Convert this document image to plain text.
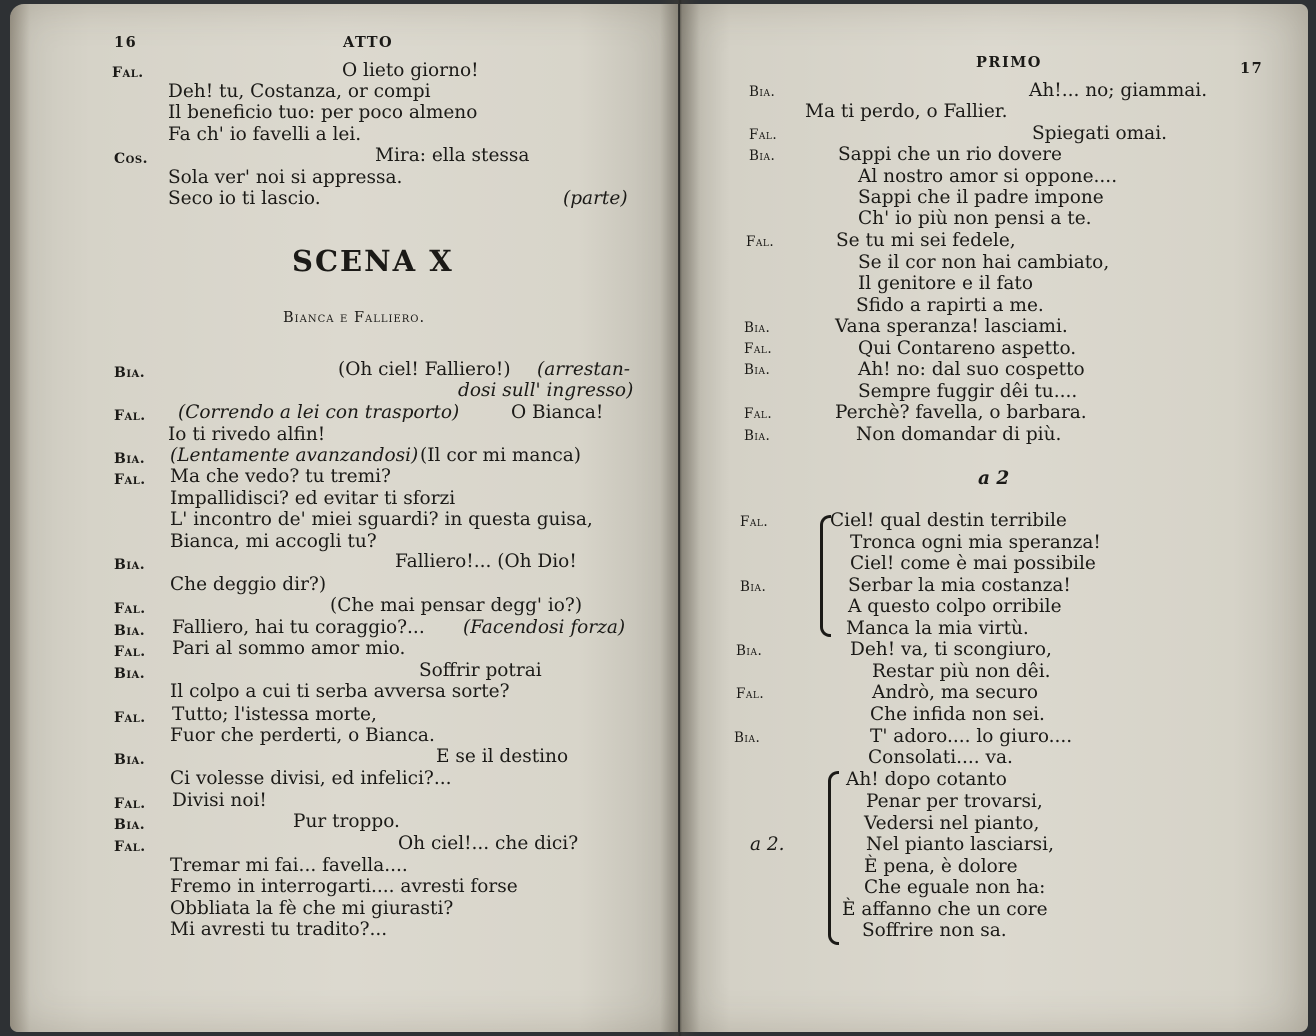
16	ATTO
Fal.	O lieto giorno!
Deh! tu, Costanza, or compi
Il beneficio tuo: per poco almeno
Fa ch' io favelli a lei.
Cos.	Mira: ella stessa
Sola ver' noi si appressa.
Seco io ti lascio.	(parte)
SCENA X
Bianca e Falliero.
Bia.	(Oh ciel! Falliero!) (arrestan-
dosi sull' ingresso)
Fal. (Correndo a lei con trasporto)	O Bianca!
Io ti rivedo alfin!
Bia. (Lentamente avanzandosi) (Il cor mi manca)
Fal. Ma che vedo? tu tremi?
Impallidisci? ed evitar ti sforzi
L' incontro de' miei sguardi? in questa guisa,
Bianca, mi accogli tu?
Bia.	Falliero!... (Oh Dio!
Che deggio dir?)
Fal.	(Che mai pensar degg' io?)
Bia. Falliero, hai tu coraggio?... (Facendosi forza)
Fal. Pari al sommo amor mio.
Bia.	Soffrir potrai
Il colpo a cui ti serba avversa sorte?
Fal. Tutto; l'istessa morte,
Fuor che perderti, o Bianca.
Bia.	E se il destino
Ci volesse divisi, ed infelici?...
Fal. Divisi noi!
Bia.	Pur troppo.
Fal.	Oh ciel!... che dici?
Tremar mi fai... favella....
Fremo in interrogarti.... avresti forse
Obbliata la fè che mi giurasti?
Mi avresti tu tradito?...
PRIMO	17
Bia.	Ah!... no; giammai.
Ma ti perdo, o Fallier.
Fal.	Spiegati omai.
Bia.	Sappi che un rio dovere
Al nostro amor si oppone....
Sappi che il padre impone
Ch' io più non pensi a te.
Fal.	Se tu mi sei fedele,
Se il cor non hai cambiato,
Il genitore e il fato
Sfido a rapirti a me.
Bia.	Vana speranza! lasciami.
Fal.	Qui Contareno aspetto.
Bia.	Ah! no: dal suo cospetto
Sempre fuggir dêi tu....
Fal.	Perchè? favella, o barbara.
Bia.	Non domandar di più.
a 2
Fal.	Ciel! qual destin terribile
Tronca ogni mia speranza!
Ciel! come è mai possibile
Bia.	Serbar la mia costanza!
A questo colpo orribile
Manca la mia virtù.
Bia.	Deh! va, ti scongiuro,
Restar più non dêi.
Fal.	Andrò, ma securo
Che infida non sei.
Bia.	T' adoro.... lo giuro....
Consolati.... va.
a 2.
Ah! dopo cotanto
Penar per trovarsi,
Vedersi nel pianto,
Nel pianto lasciarsi,
È pena, è dolore
Che eguale non ha:
È affanno che un core
Soffrire non sa.
